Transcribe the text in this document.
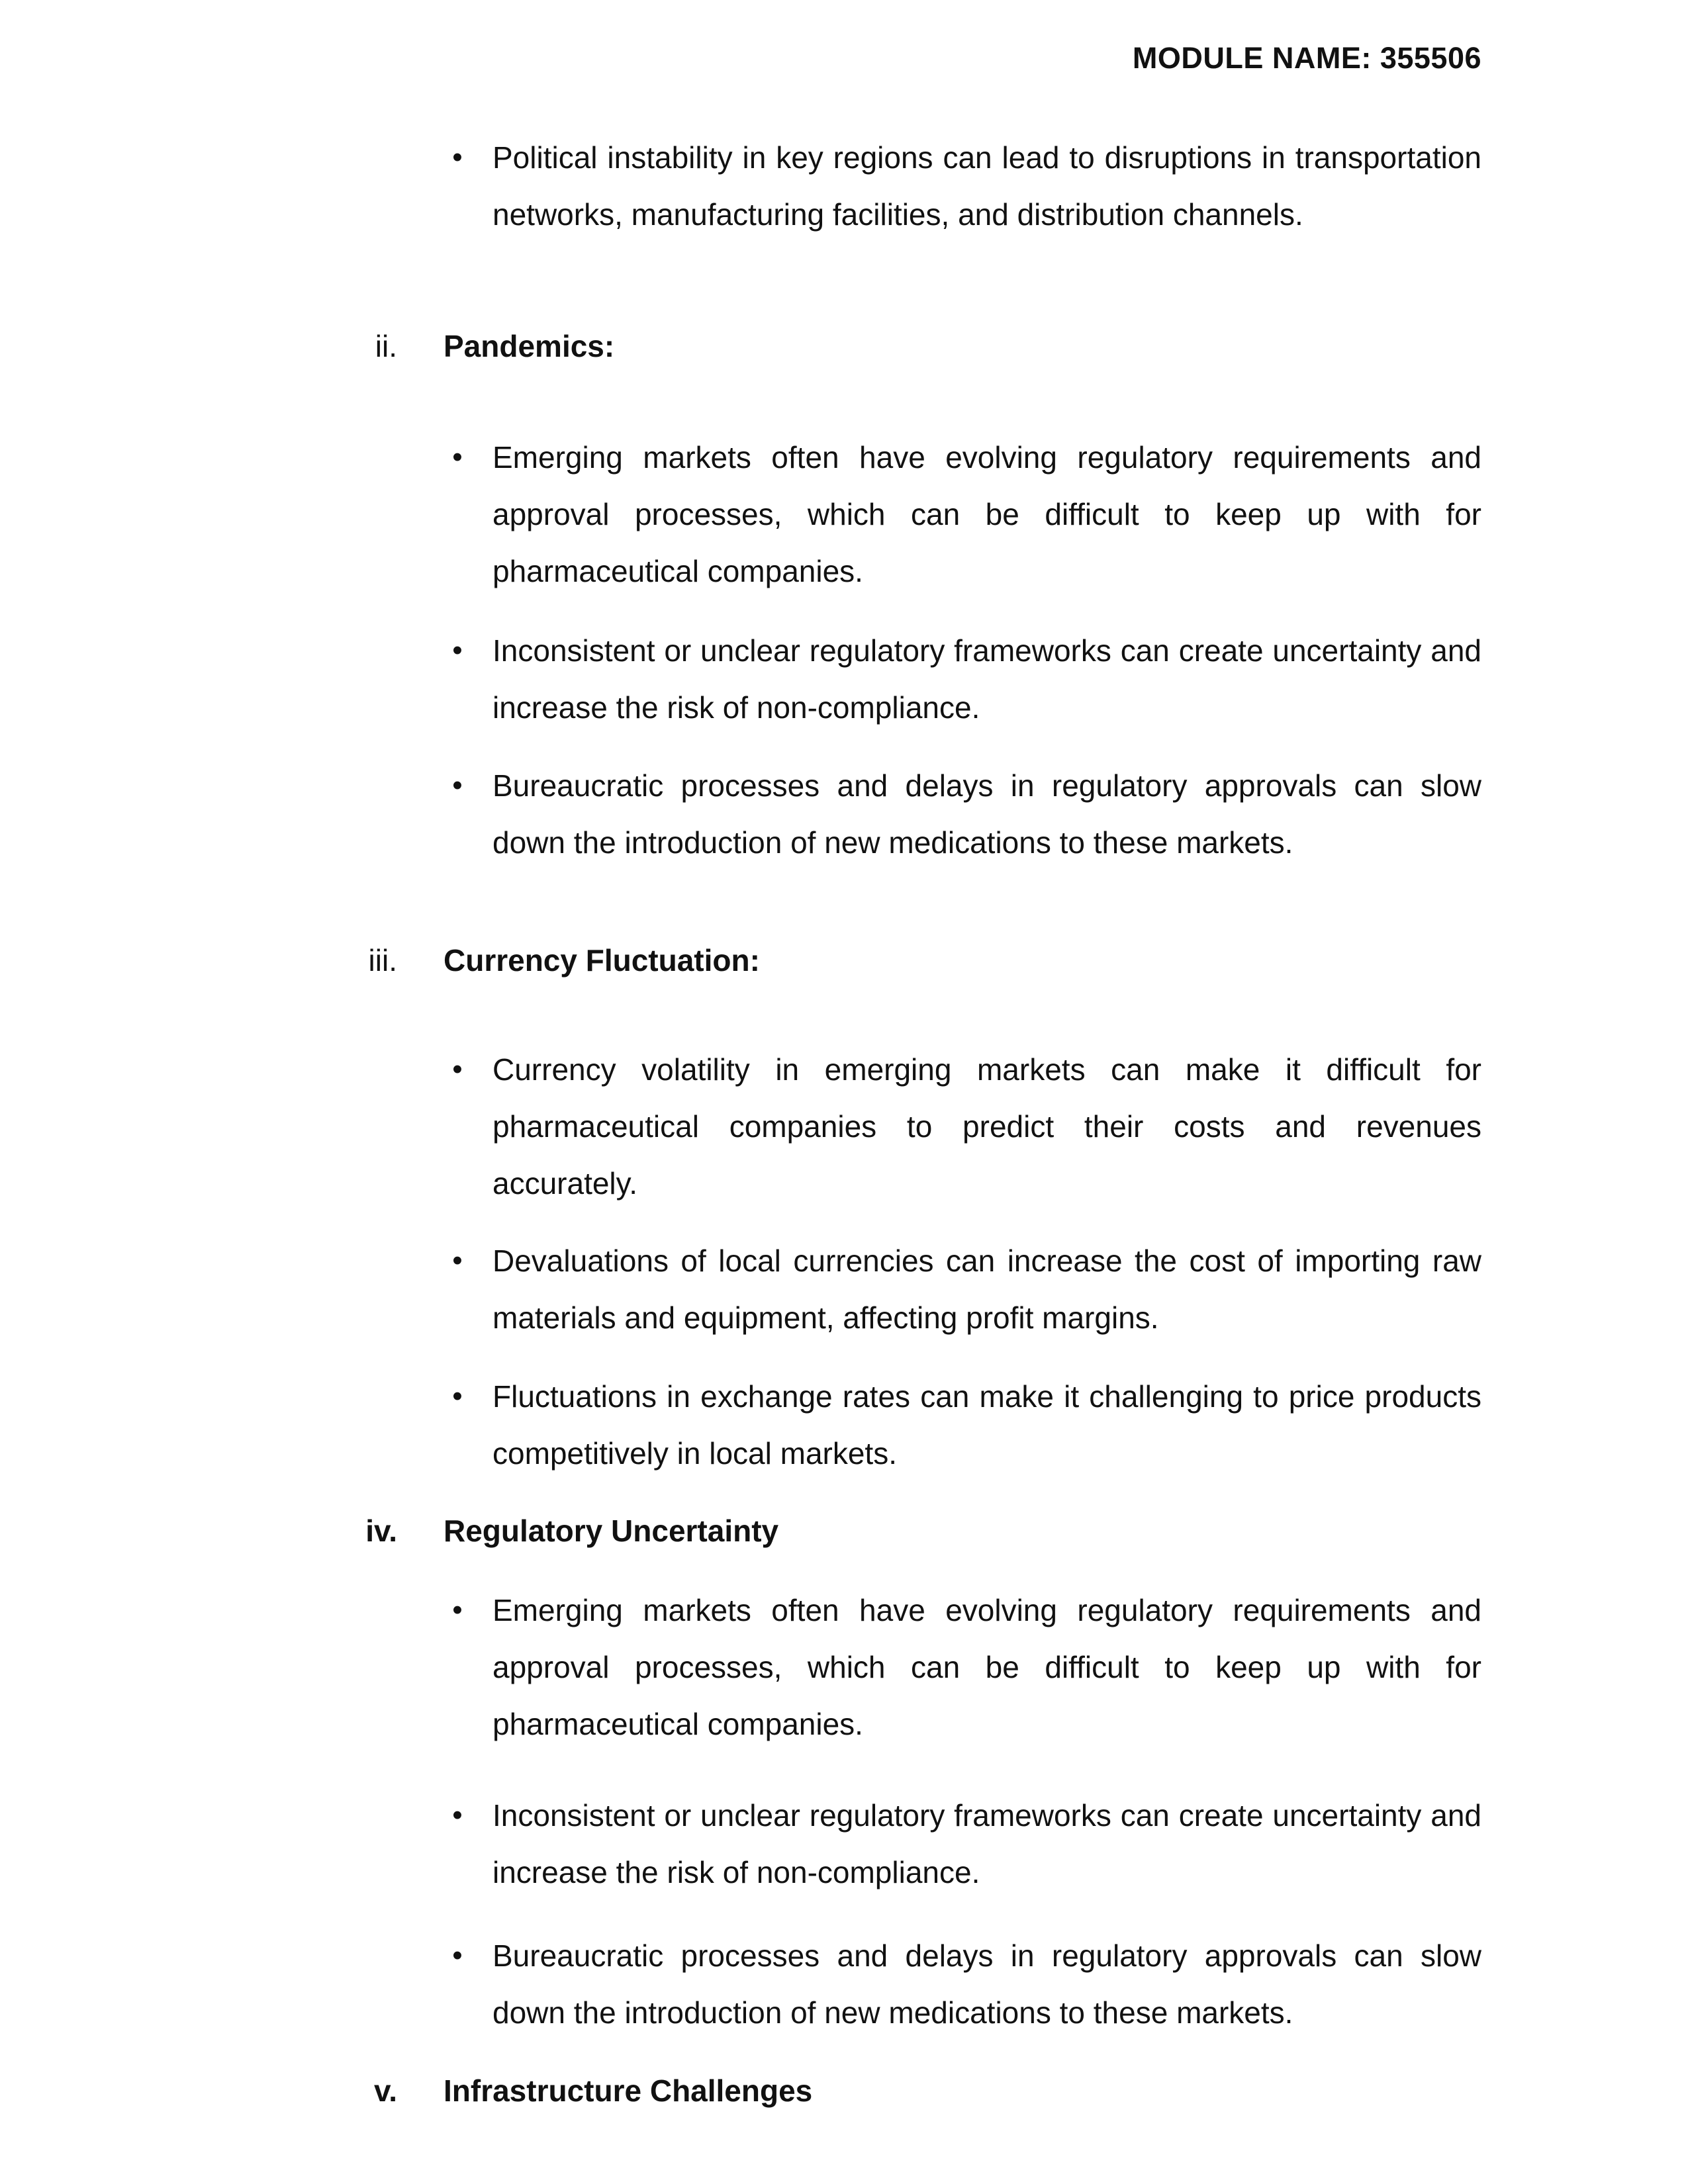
MODULE NAME: 355506
• Political instability in key regions can lead to disruptions in transportation networks, manufacturing facilities, and distribution channels.
ii. Pandemics:
• Emerging markets often have evolving regulatory requirements and approval processes, which can be difficult to keep up with for pharmaceutical companies.
• Inconsistent or unclear regulatory frameworks can create uncertainty and increase the risk of non-compliance.
• Bureaucratic processes and delays in regulatory approvals can slow down the introduction of new medications to these markets.
iii. Currency Fluctuation:
• Currency volatility in emerging markets can make it difficult for pharmaceutical companies to predict their costs and revenues accurately.
• Devaluations of local currencies can increase the cost of importing raw materials and equipment, affecting profit margins.
• Fluctuations in exchange rates can make it challenging to price products competitively in local markets.
iv. Regulatory Uncertainty
• Emerging markets often have evolving regulatory requirements and approval processes, which can be difficult to keep up with for pharmaceutical companies.
• Inconsistent or unclear regulatory frameworks can create uncertainty and increase the risk of non-compliance.
• Bureaucratic processes and delays in regulatory approvals can slow down the introduction of new medications to these markets.
v. Infrastructure Challenges
